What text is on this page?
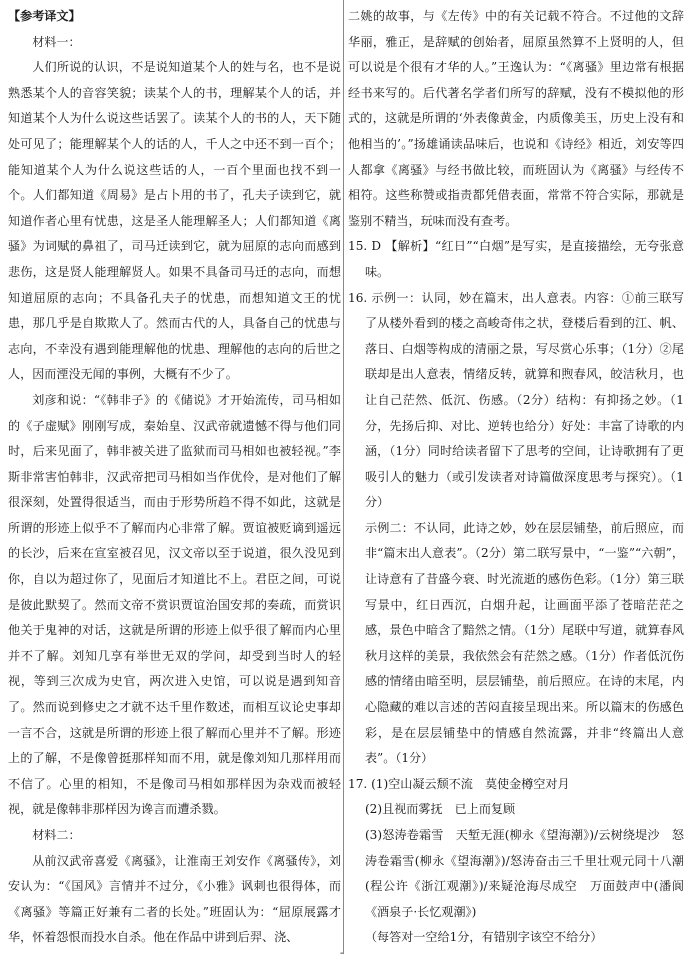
【参考译文】

材料一：

人们所说的认识，不是说知道某个人的姓与名，也不是说熟悉某个人的音容笑貌；读某个人的书，理解某个人的话，并知道某个人为什么说这些话罢了。读某个人的书的人，天下随处可见了；能理解某个人的话的人，千人之中还不到一百个；能知道某个人为什么说这些话的人，一百个里面也找不到一个。人们都知道《周易》是占卜用的书了，孔夫子读到它，就知道作者心里有忧患，这是圣人能理解圣人；人们都知道《离骚》为词赋的鼻祖了，司马迁读到它，就为屈原的志向而感到悲伤，这是贤人能理解贤人。如果不具备司马迁的志向，而想知道屈原的志向；不具备孔夫子的忧患，而想知道文王的忧患，那几乎是自欺欺人了。然而古代的人，具备自己的忧患与志向，不幸没有遇到能理解他的忧患、理解他的志向的后世之人，因而湮没无闻的事例，大概有不少了。

刘彦和说：“《韩非子》的《储说》才开始流传，司马相如的《子虚赋》刚刚写成，秦始皇、汉武帝就遗憾不得与他们同时，后来见面了，韩非被关进了监狱而司马相如也被轻视。”李斯非常害怕韩非，汉武帝把司马相如当作优伶，是对他们了解很深刻，处置得很适当，而由于形势所趋不得不如此，这就是所谓的形迹上似乎不了解而内心非常了解。贾谊被贬谪到遥远的长沙，后来在宣室被召见，汉文帝以至于说道，很久没见到你，自以为超过你了，见面后才知道比不上。君臣之间，可说是彼此默契了。然而文帝不赏识贾谊治国安邦的奏疏，而赏识他关于鬼神的对话，这就是所谓的形迹上似乎很了解而内心里并不了解。刘知几享有举世无双的学问，却受到当时人的轻视，等到三次成为史官，两次进入史馆，可以说是遇到知音了。然而说到修史之才就不达千里作数述，而相互议论史事却一言不合，这就是所谓的形迹上很了解而心里并不了解。形迹上的了解，不是像曾挺那样知而不用，就是像刘知几那样用而不信了。心里的相知，不是像司马相如那样因为杂戏而被轻视，就是像韩非那样因为谗言而遭杀戮。

材料二：

从前汉武帝喜爱《离骚》，让淮南王刘安作《离骚传》，刘安认为：“《国风》言情并不过分，《小雅》讽刺也很得体，而《离骚》等篇正好兼有二者的长处。”班固认为：“屈原展露才华，怀着怨恨而投水自杀。他在作品中讲到后羿、浇、

二姚的故事，与《左传》中的有关记载不符合。不过他的文辞华丽，雅正，是辞赋的创始者，屈原虽然算不上贤明的人，但可以说是个很有才华的人。”王逸认为：“《离骚》里边常有根据经书来写的。后代著名学者们所写的辞赋，没有不模拟他的形式的，这就是所谓的‘外表像黄金，内质像美玉，历史上没有和他相当的’。”扬雄诵读品味后，也说和《诗经》相近，刘安等四人都拿《离骚》与经书做比较，而班固认为《离骚》与经传不相符。这些称赞或指责都凭借表面，常常不符合实际，那就是鉴别不精当，玩味而没有查考。

15. D 【解析】“红日”“白烟”是写实，是直接描绘，无夸张意味。

16. 示例一：认同，妙在篇末，出人意表。内容：①前三联写了从楼外看到的楼之高峻奇伟之状，登楼后看到的江、帆、落日、白烟等构成的清丽之景，写尽赏心乐事；（1分）②尾联却是出人意表，情绪反转，就算和煦春风，皎洁秋月，也让自己茫然、低沉、伤感。（2分）结构：有抑扬之妙。（1分，先扬后抑、对比、逆转也给分）好处：丰富了诗歌的内涵，（1分）同时给读者留下了思考的空间，让诗歌拥有了更吸引人的魅力（或引发读者对诗篇做深度思考与探究）。（1分）

示例二：不认同，此诗之妙，妙在层层铺垫，前后照应，而非“篇末出人意表”。（2分）第二联写景中，“一鉴”“六朝”，让诗意有了昔盛今衰、时光流逝的感伤色彩。（1分）第三联写景中，红日西沉，白烟升起，让画面平添了苍暗茫茫之感，景色中暗含了黯然之情。（1分）尾联中写道，就算春风秋月这样的美景，我依然会有茫然之感。（1分）作者低沉伤感的情绪由暗至明，层层铺垫，前后照应。在诗的末尾，内心隐藏的难以言述的苦闷直接呈现出来。所以篇末的伤感色彩，是在层层铺垫中的情感自然流露，并非“终篇出人意表”。（1分）

17. (1)空山凝云颓不流　莫使金樽空对月

(2)且视而雾抚　已上而复顾

(3)怒涛卷霜雪　天堑无涯(柳永《望海潮》)/云树绕堤沙　怒涛卷霜雪(柳永《望海潮》)/怒涛奋击三千里壮观元同十八潮(程公许《浙江观潮》)/来疑沧海尽成空　万面鼓声中(潘阆《酒泉子·长忆观潮》)

（每答对一空给1分，有错别字该空不给分）

-
